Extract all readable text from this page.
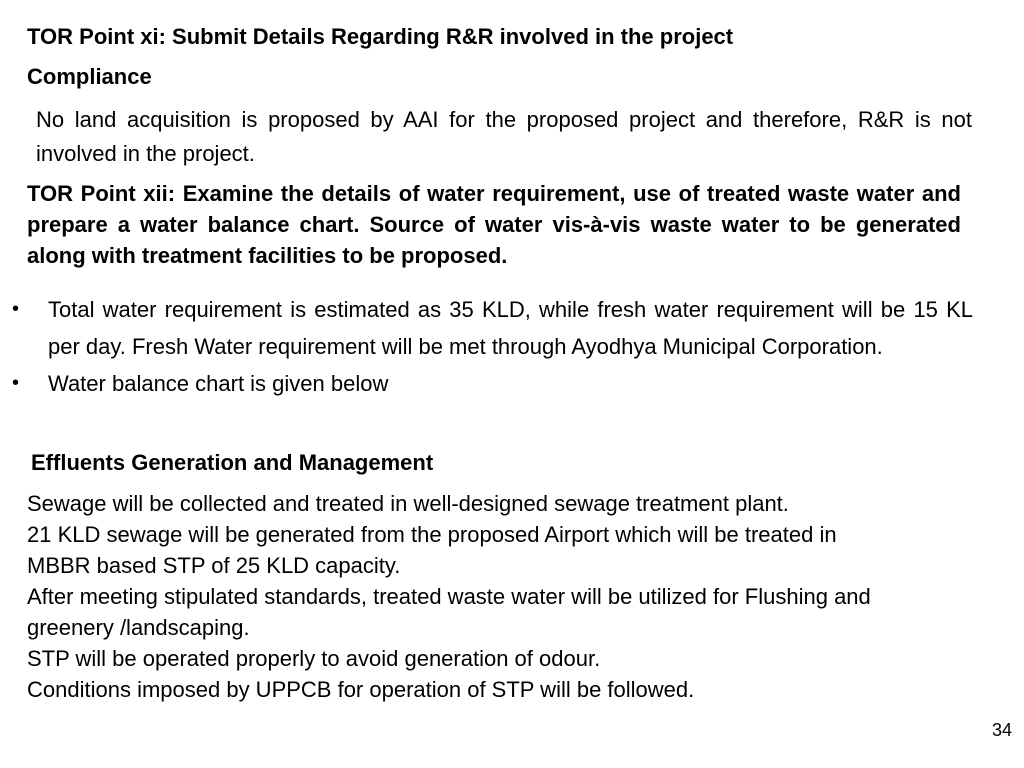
TOR Point xi: Submit Details Regarding R&R involved in the project
Compliance
No land acquisition is proposed by AAI for the proposed project and therefore, R&R is not involved in the project.
TOR Point xii: Examine the details of water requirement, use of treated waste water and prepare a water balance chart. Source of water vis-à-vis waste water to be generated along with treatment facilities to be proposed.
• Total water requirement is estimated as 35 KLD, while fresh water requirement will be 15 KL per day. Fresh Water requirement will be met through Ayodhya Municipal Corporation.
• Water balance chart is given below
Effluents Generation and Management
Sewage will be collected and treated in well-designed sewage treatment plant.
21 KLD sewage will be generated from the proposed Airport which will be treated in
MBBR based STP of 25 KLD capacity.
After meeting stipulated standards, treated waste water will be utilized for Flushing and
greenery /landscaping.
STP will be operated properly to avoid generation of odour.
Conditions imposed by UPPCB for operation of STP will be followed.
34
